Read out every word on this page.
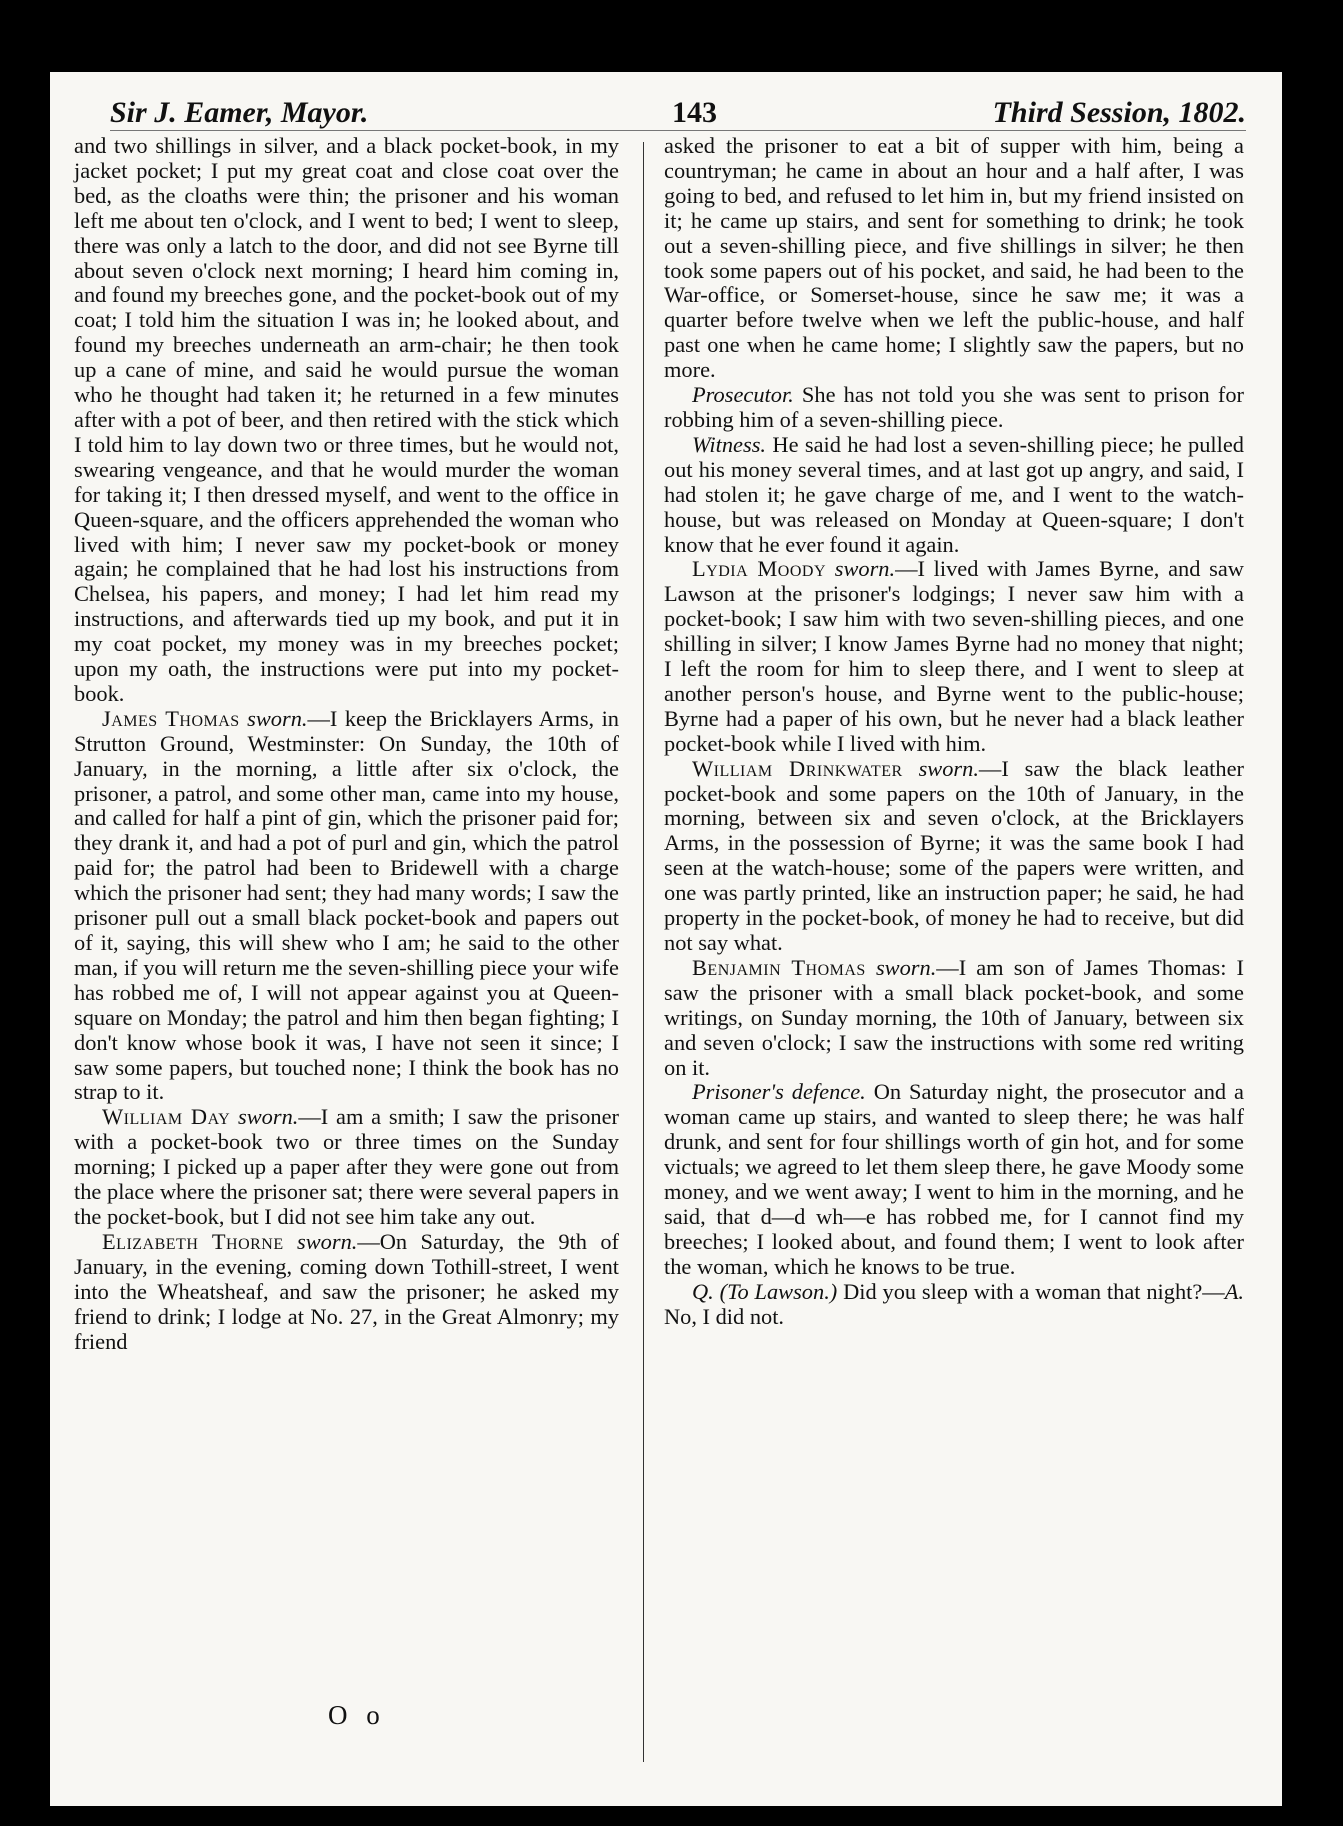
Sir J. Eamer, Mayor.	143	Third Session, 1802.

and two shillings in silver, and a black pocket-book, in my jacket pocket; I put my great coat and close coat over the bed, as the cloaths were thin; the prisoner and his woman left me about ten o'clock, and I went to bed; I went to sleep, there was only a latch to the door, and did not see Byrne till about seven o'clock next morning; I heard him coming in, and found my breeches gone, and the pocket-book out of my coat; I told him the situation I was in; he looked about, and found my breeches underneath an arm-chair; he then took up a cane of mine, and said he would pursue the woman who he thought had taken it; he returned in a few minutes after with a pot of beer, and then retired with the stick which I told him to lay down two or three times, but he would not, swearing vengeance, and that he would murder the woman for taking it; I then dressed myself, and went to the office in Queen-square, and the officers apprehended the woman who lived with him; I never saw my pocket-book or money again; he complained that he had lost his instructions from Chelsea, his papers, and money; I had let him read my instructions, and afterwards tied up my book, and put it in my coat pocket, my money was in my breeches pocket; upon my oath, the instructions were put into my pocket-book.

James Thomas sworn.—I keep the Bricklayers Arms, in Strutton Ground, Westminster: On Sunday, the 10th of January, in the morning, a little after six o'clock, the prisoner, a patrol, and some other man, came into my house, and called for half a pint of gin, which the prisoner paid for; they drank it, and had a pot of purl and gin, which the patrol paid for; the patrol had been to Bridewell with a charge which the prisoner had sent; they had many words; I saw the prisoner pull out a small black pocket-book and papers out of it, saying, this will shew who I am; he said to the other man, if you will return me the seven-shilling piece your wife has robbed me of, I will not appear against you at Queen-square on Monday; the patrol and him then began fighting; I don't know whose book it was, I have not seen it since; I saw some papers, but touched none; I think the book has no strap to it.

William Day sworn.—I am a smith; I saw the prisoner with a pocket-book two or three times on the Sunday morning; I picked up a paper after they were gone out from the place where the prisoner sat; there were several papers in the pocket-book, but I did not see him take any out.

Elizabeth Thorne sworn.—On Saturday, the 9th of January, in the evening, coming down Tothill-street, I went into the Wheatsheaf, and saw the prisoner; he asked my friend to drink; I lodge at No. 27, in the Great Almonry; my friend

asked the prisoner to eat a bit of supper with him, being a countryman; he came in about an hour and a half after, I was going to bed, and refused to let him in, but my friend insisted on it; he came up stairs, and sent for something to drink; he took out a seven-shilling piece, and five shillings in silver; he then took some papers out of his pocket, and said, he had been to the War-office, or Somerset-house, since he saw me; it was a quarter before twelve when we left the public-house, and half past one when he came home; I slightly saw the papers, but no more.

Prosecutor. She has not told you she was sent to prison for robbing him of a seven-shilling piece.

Witness. He said he had lost a seven-shilling piece; he pulled out his money several times, and at last got up angry, and said, I had stolen it; he gave charge of me, and I went to the watch-house, but was released on Monday at Queen-square; I don't know that he ever found it again.

Lydia Moody sworn.—I lived with James Byrne, and saw Lawson at the prisoner's lodgings; I never saw him with a pocket-book; I saw him with two seven-shilling pieces, and one shilling in silver; I know James Byrne had no money that night; I left the room for him to sleep there, and I went to sleep at another person's house, and Byrne went to the public-house; Byrne had a paper of his own, but he never had a black leather pocket-book while I lived with him.

William Drinkwater sworn.—I saw the black leather pocket-book and some papers on the 10th of January, in the morning, between six and seven o'clock, at the Bricklayers Arms, in the possession of Byrne; it was the same book I had seen at the watch-house; some of the papers were written, and one was partly printed, like an instruction paper; he said, he had property in the pocket-book, of money he had to receive, but did not say what.

Benjamin Thomas sworn.—I am son of James Thomas: I saw the prisoner with a small black pocket-book, and some writings, on Sunday morning, the 10th of January, between six and seven o'clock; I saw the instructions with some red writing on it.

Prisoner's defence. On Saturday night, the prosecutor and a woman came up stairs, and wanted to sleep there; he was half drunk, and sent for four shillings worth of gin hot, and for some victuals; we agreed to let them sleep there, he gave Moody some money, and we went away; I went to him in the morning, and he said, that d—d wh—e has robbed me, for I cannot find my breeches; I looked about, and found them; I went to look after the woman, which he knows to be true.

Q. (To Lawson.) Did you sleep with a woman that night?—A. No, I did not.

O o
